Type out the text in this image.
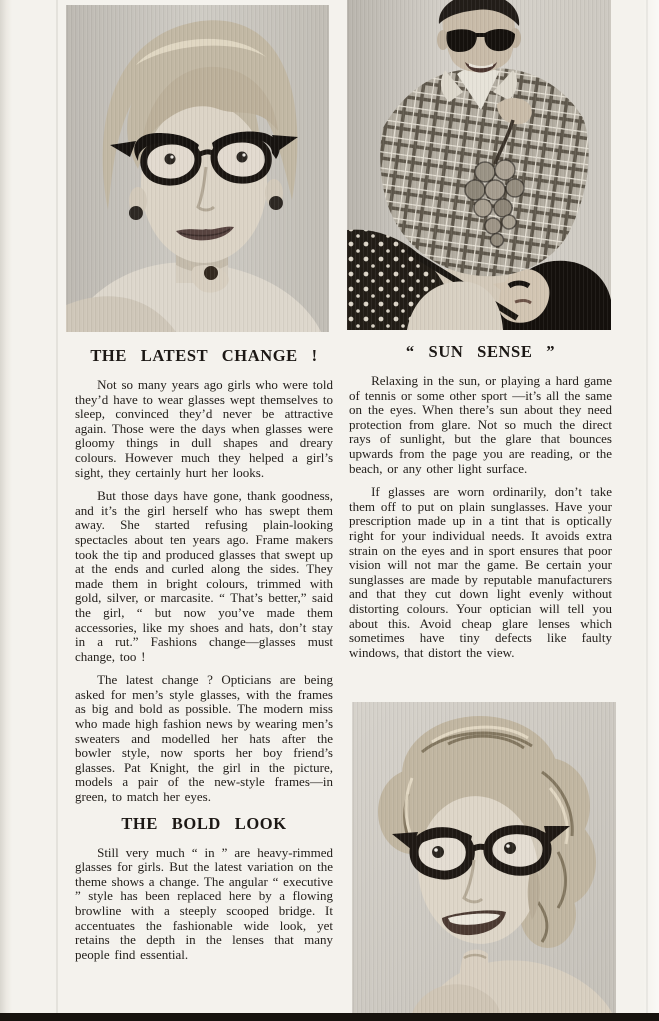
THE LATEST CHANGE !

Not so many years ago girls who were told they’d have to wear glasses wept themselves to sleep, convinced they’d never be attractive again. Those were the days when glasses were gloomy things in dull shapes and dreary colours. However much they helped a girl’s sight, they certainly hurt her looks.

But those days have gone, thank goodness, and it’s the girl herself who has swept them away. She started refusing plain-looking spectacles about ten years ago. Frame makers took the tip and produced glasses that swept up at the ends and curled along the sides. They made them in bright colours, trimmed with gold, silver, or marcasite. “ That’s better,” said the girl, “ but now you’ve made them accessories, like my shoes and hats, don’t stay in a rut.” Fashions change—glasses must change, too !

The latest change ? Opticians are being asked for men’s style glasses, with the frames as big and bold as possible. The modern miss who made high fashion news by wearing men’s sweaters and modelled her hats after the bowler style, now sports her boy friend’s glasses. Pat Knight, the girl in the picture, models a pair of the new-style frames—in green, to match her eyes.

THE BOLD LOOK

Still very much “ in ” are heavy-rimmed glasses for girls. But the latest variation on the theme shows a change. The angular “ executive ” style has been replaced here by a flowing browline with a steeply scooped bridge. It accentuates the fashionable wide look, yet retains the depth in the lenses that many people find essential.

“ SUN SENSE ”

Relaxing in the sun, or playing a hard game of tennis or some other sport —it’s all the same on the eyes. When there’s sun about they need protection from glare. Not so much the direct rays of sunlight, but the glare that bounces upwards from the page you are reading, or the beach, or any other light surface.

If glasses are worn ordinarily, don’t take them off to put on plain sunglasses. Have your prescription made up in a tint that is optically right for your individual needs. It avoids extra strain on the eyes and in sport ensures that poor vision will not mar the game. Be certain your sunglasses are made by reputable manufacturers and that they cut down light evenly without distorting colours. Your optician will tell you about this. Avoid cheap glare lenses which sometimes have tiny defects like faulty windows, that distort the view.
